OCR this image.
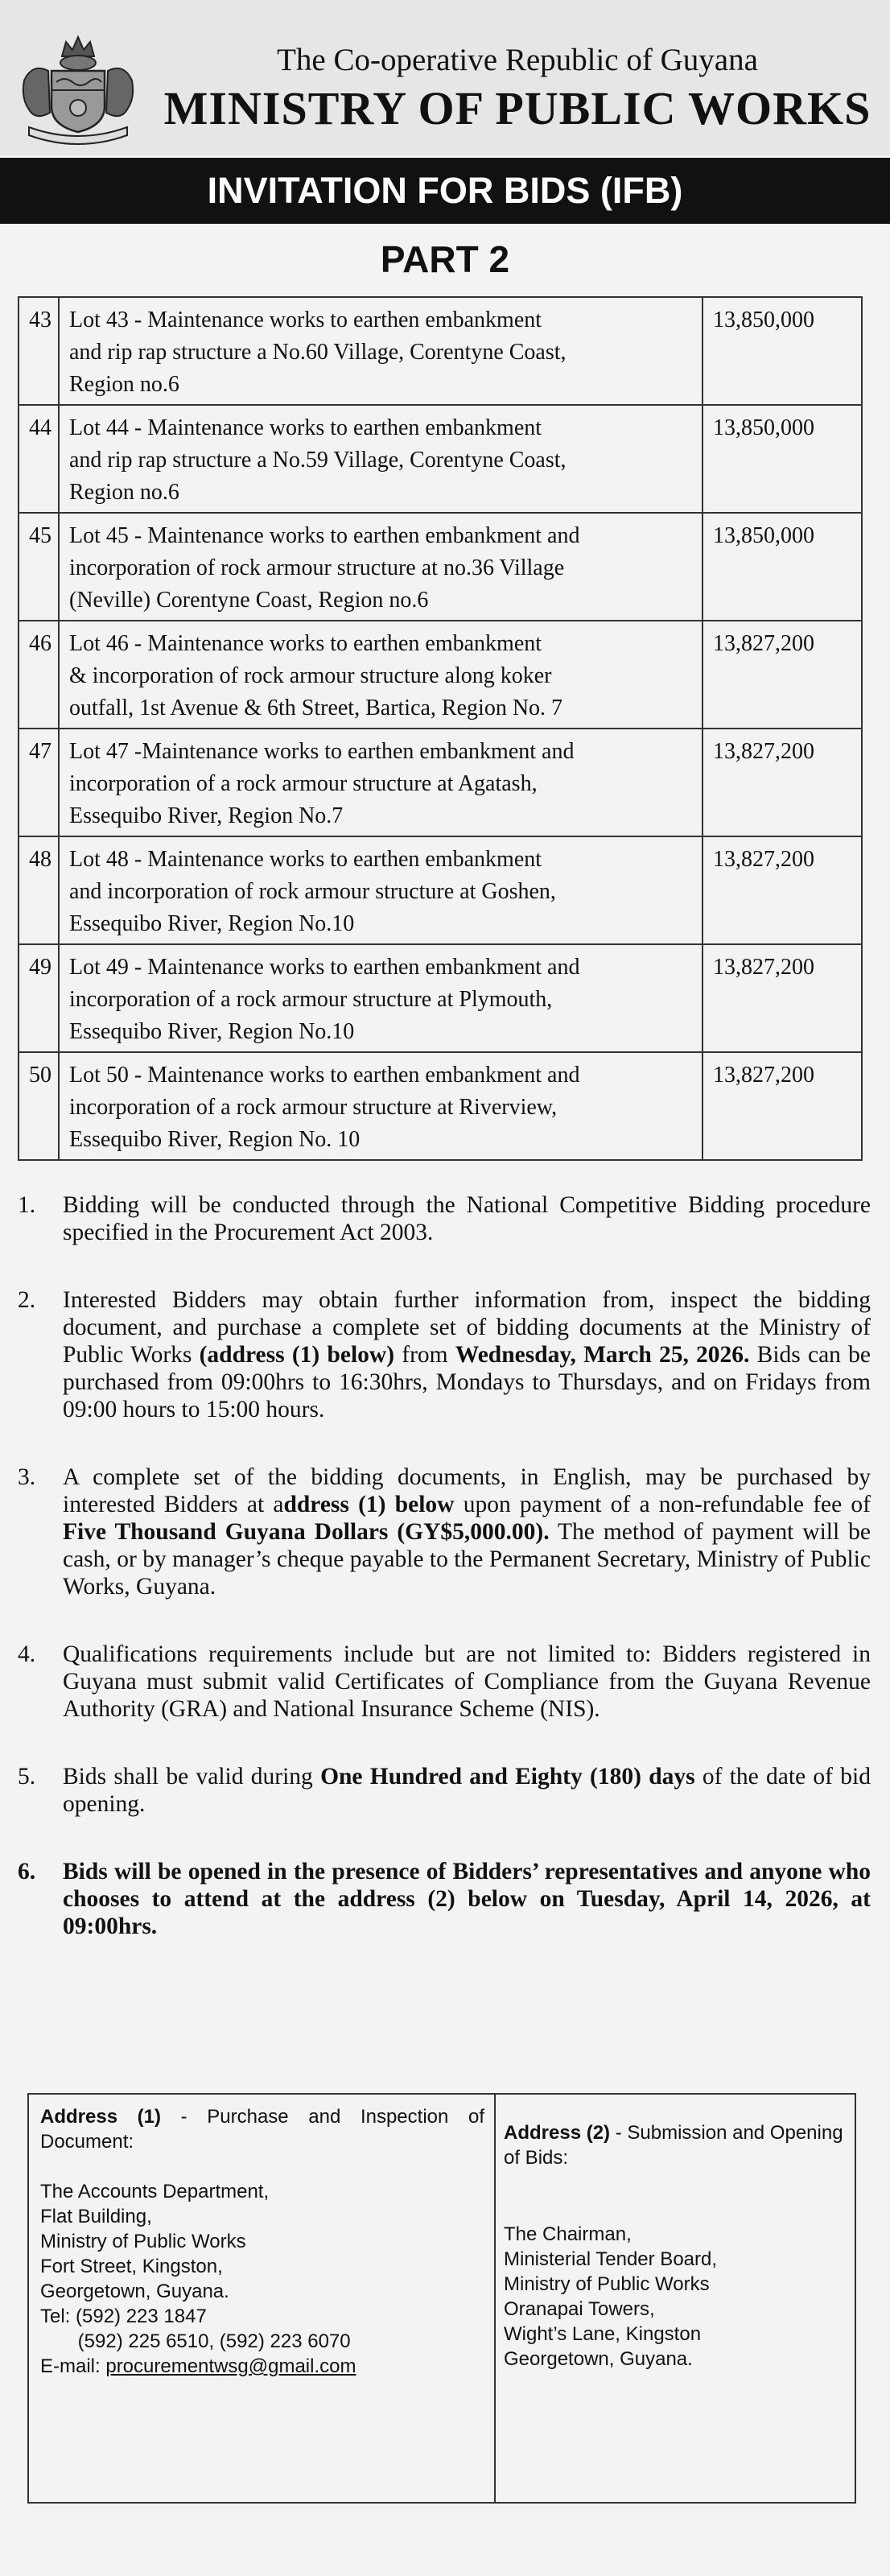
The Co-operative Republic of Guyana
MINISTRY OF PUBLIC WORKS
INVITATION FOR BIDS (IFB)
PART 2
43	Lot 43 - Maintenance works to earthen embankment
and rip rap structure a No.60 Village, Corentyne Coast,
Region no.6	13,850,000
44	Lot 44 - Maintenance works to earthen embankment
and rip rap structure a No.59 Village, Corentyne Coast,
Region no.6	13,850,000
45	Lot 45 - Maintenance works to earthen embankment and
incorporation of rock armour structure at no.36 Village
(Neville) Corentyne Coast, Region no.6	13,850,000
46	Lot 46 - Maintenance works to earthen embankment
& incorporation of rock armour structure along koker
outfall, 1st Avenue & 6th Street, Bartica, Region No. 7	13,827,200
47	Lot 47 -Maintenance works to earthen embankment and
incorporation of a rock armour structure at Agatash,
Essequibo River, Region No.7	13,827,200
48	Lot 48 - Maintenance works to earthen embankment
and incorporation of rock armour structure at Goshen,
Essequibo River, Region No.10	13,827,200
49	Lot 49 - Maintenance works to earthen embankment and
incorporation of a rock armour structure at Plymouth,
Essequibo River, Region No.10	13,827,200
50	Lot 50 - Maintenance works to earthen embankment and
incorporation of a rock armour structure at Riverview,
Essequibo River, Region No. 10	13,827,200
1. Bidding will be conducted through the National Competitive Bidding procedure specified in the Procurement Act 2003.
2. Interested Bidders may obtain further information from, inspect the bidding document, and purchase a complete set of bidding documents at the Ministry of Public Works (address (1) below) from Wednesday, March 25, 2026. Bids can be purchased from 09:00hrs to 16:30hrs, Mondays to Thursdays, and on Fridays from 09:00 hours to 15:00 hours.
3. A complete set of the bidding documents, in English, may be purchased by interested Bidders at address (1) below upon payment of a non-refundable fee of Five Thousand Guyana Dollars (GY$5,000.00). The method of payment will be cash, or by manager’s cheque payable to the Permanent Secretary, Ministry of Public Works, Guyana.
4. Qualifications requirements include but are not limited to: Bidders registered in Guyana must submit valid Certificates of Compliance from the Guyana Revenue Authority (GRA) and National Insurance Scheme (NIS).
5. Bids shall be valid during One Hundred and Eighty (180) days of the date of bid opening.
6. Bids will be opened in the presence of Bidders’ representatives and anyone who chooses to attend at the address (2) below on Tuesday, April 14, 2026, at 09:00hrs.
Address (1) - Purchase and Inspection of Document:
The Accounts Department,
Flat Building,
Ministry of Public Works
Fort Street, Kingston,
Georgetown, Guyana.
Tel: (592) 223 1847
(592) 225 6510, (592) 223 6070
E-mail: procurementwsg@gmail.com
Address (2) - Submission and Opening of Bids:
The Chairman,
Ministerial Tender Board,
Ministry of Public Works
Oranapai Towers,
Wight’s Lane, Kingston
Georgetown, Guyana.
